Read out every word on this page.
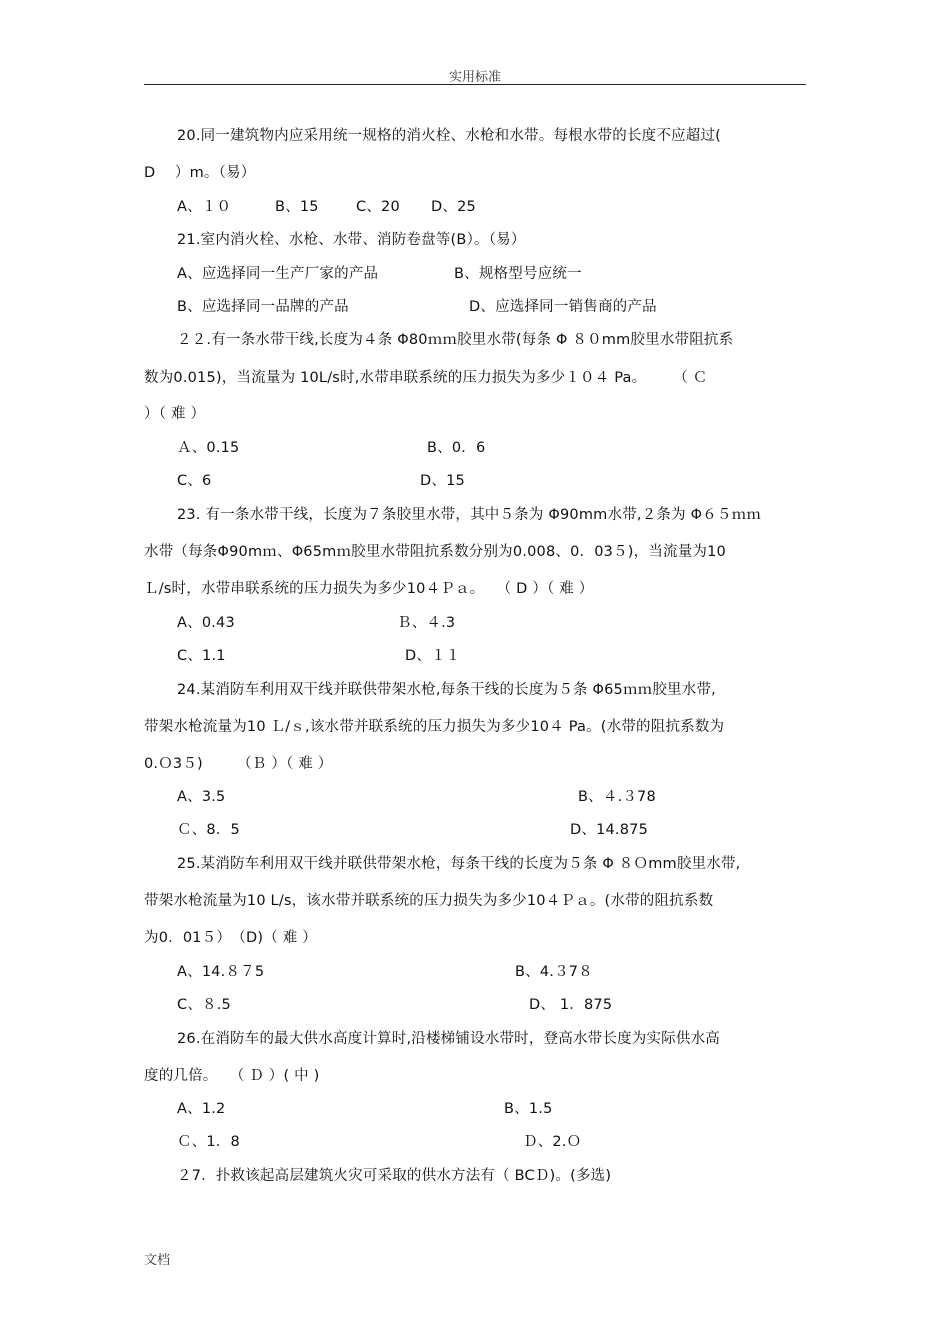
实用标准
20.同一建筑物内应采用统一规格的消火栓、水枪和水带。每根水带的长度不应超过(
D　 ）m。（易）
A、１０	B、15	C、20 D、25
21.室内消火栓、水枪、水带、消防卷盘等(B）。（易）
A、应选择同一生产厂家的产品	B、规格型号应统一
B、应选择同一品牌的产品	D、应选择同一销售商的产品
２２.有一条水带干线,长度为４条 Φ80ｍｍ胶里水带(每条 Φ ８０mm胶里水带阻抗系
数为0.015)，当流量为 10L/s时,水带串联系统的压力损失为多少１０４ Pa。　　 （ Ｃ
）（ 难 ）
Ａ、0.15	B、0．6
C、6	D、15
23. 有一条水带干线，长度为７条胶里水带，其中５条为 Φ90mm水带,２条为 Φ６５ｍｍ
水带（每条Φ90mｍ、Φ65mｍ胶里水带阻抗系数分别为0.008、0．03５)，当流量为10
Ｌ/s时，水带串联系统的压力损失为多少10４Ｐａ。　 （ D ）（ 难 ）
A、0.43	Ｂ、４.3
C、1.1	D、１１
24.某消防车利用双干线并联供带架水枪,每条干线的长度为５条 Φ65ｍｍ胶里水带,
带架水枪流量为10 Ｌ/ｓ,该水带并联系统的压力损失为多少10４ Pa。(水带的阻抗系数为
0.Ｏ3５)　　 （Ｂ ）（ 难 ）
A、3.5	B、４.３78
Ｃ、8．5	D、14.875
25.某消防车利用双干线并联供带架水枪，每条干线的长度为５条 Φ ８Ｏmm胶里水带,
带架水枪流量为10 L/s，该水带并联系统的压力损失为多少10４Ｐａ。(水带的阻抗系数
为0．01５）　（D)（ 难 ）
A、14.８７5	B、4.３7８
C、８.5	D、 1．875
26.在消防车的最大供水高度计算时,沿楼梯铺设水带时，登高水带长度为实际供水高
度的几倍。　 （ Ｄ ）( 中 )
A、1.2	B、1.5
Ｃ、1．8	Ｄ、2.Ｏ
２7．扑救该起高层建筑火灾可采取的供水方法有（ BCＤ)。(多选)
文档
